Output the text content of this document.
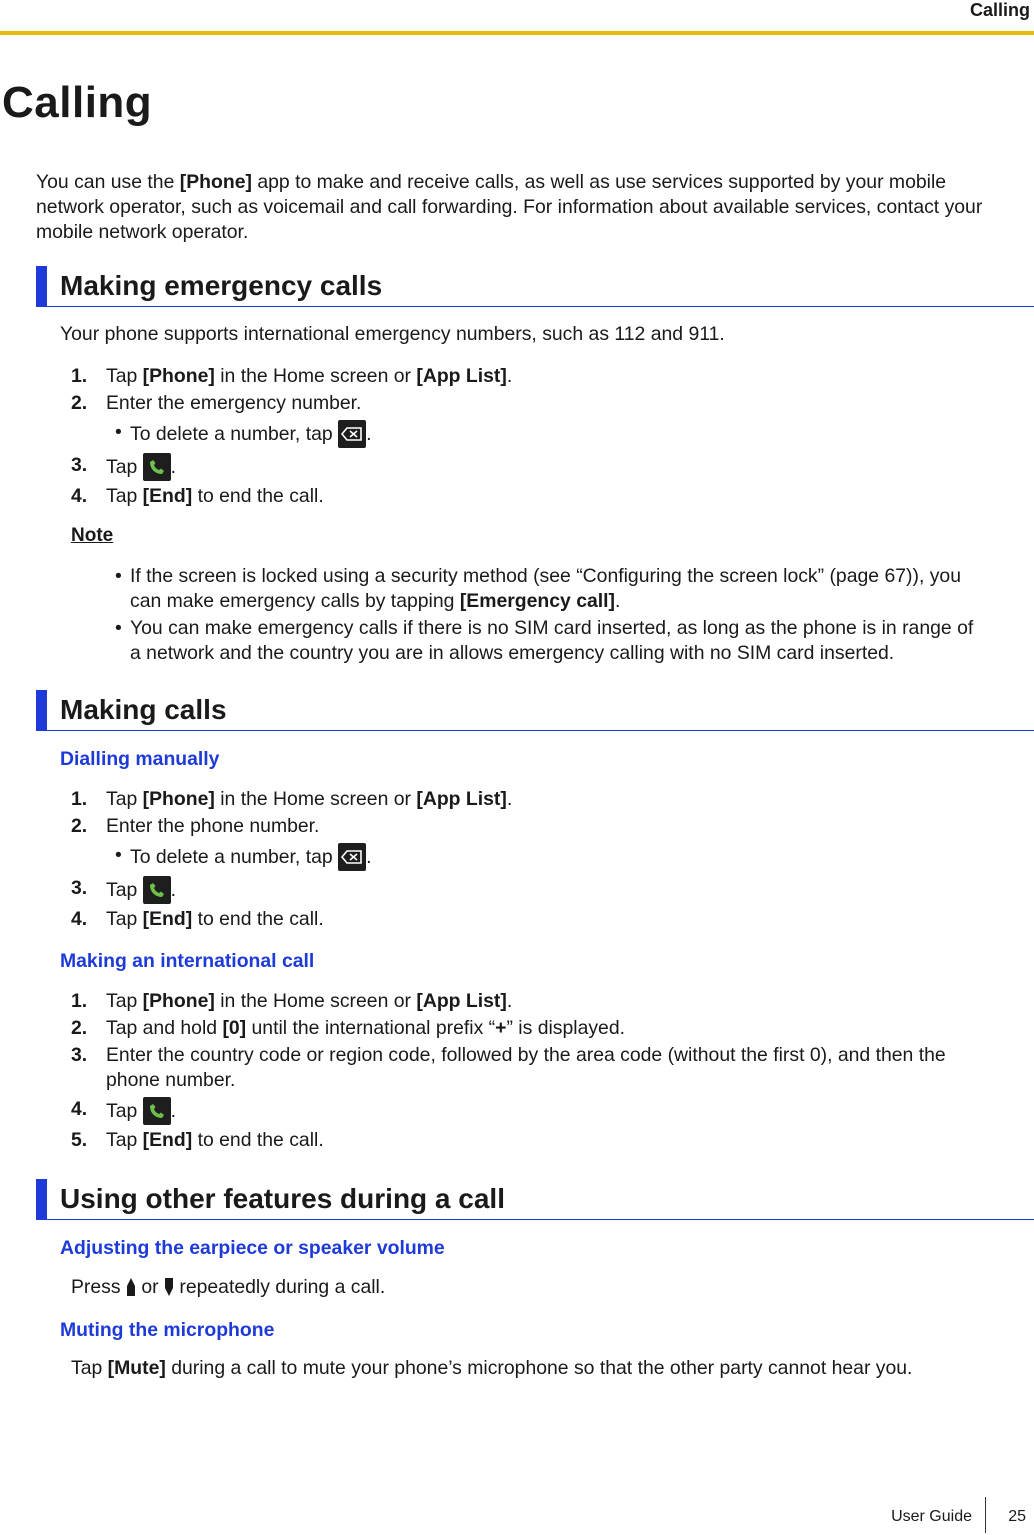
Calling
Calling
You can use the [Phone] app to make and receive calls, as well as use services supported by your mobile
network operator, such as voicemail and call forwarding. For information about available services, contact your
mobile network operator.
Making emergency calls
Your phone supports international emergency numbers, such as 112 and 911.
1. Tap [Phone] in the Home screen or [App List].
2. Enter the emergency number.
• To delete a number, tap
.
3. Tap
.
4. Tap [End] to end the call.
Note
• If the screen is locked using a security method (see “Configuring the screen lock” (page 67)), you
can make emergency calls by tapping [Emergency call].
• You can make emergency calls if there is no SIM card inserted, as long as the phone is in range of
a network and the country you are in allows emergency calling with no SIM card inserted.
Making calls
Dialling manually
1. Tap [Phone] in the Home screen or [App List].
2. Enter the phone number.
• To delete a number, tap
.
3. Tap
.
4. Tap [End] to end the call.
Making an international call
1. Tap [Phone] in the Home screen or [App List].
2. Tap and hold [0] until the international prefix “+” is displayed.
3. Enter the country code or region code, followed by the area code (without the first 0), and then the
phone number.
4. Tap
.
5. Tap [End] to end the call.
Using other features during a call
Adjusting the earpiece or speaker volume
Press  or  repeatedly during a call.
Muting the microphone
Tap [Mute] during a call to mute your phone’s microphone so that the other party cannot hear you.
User Guide 25
